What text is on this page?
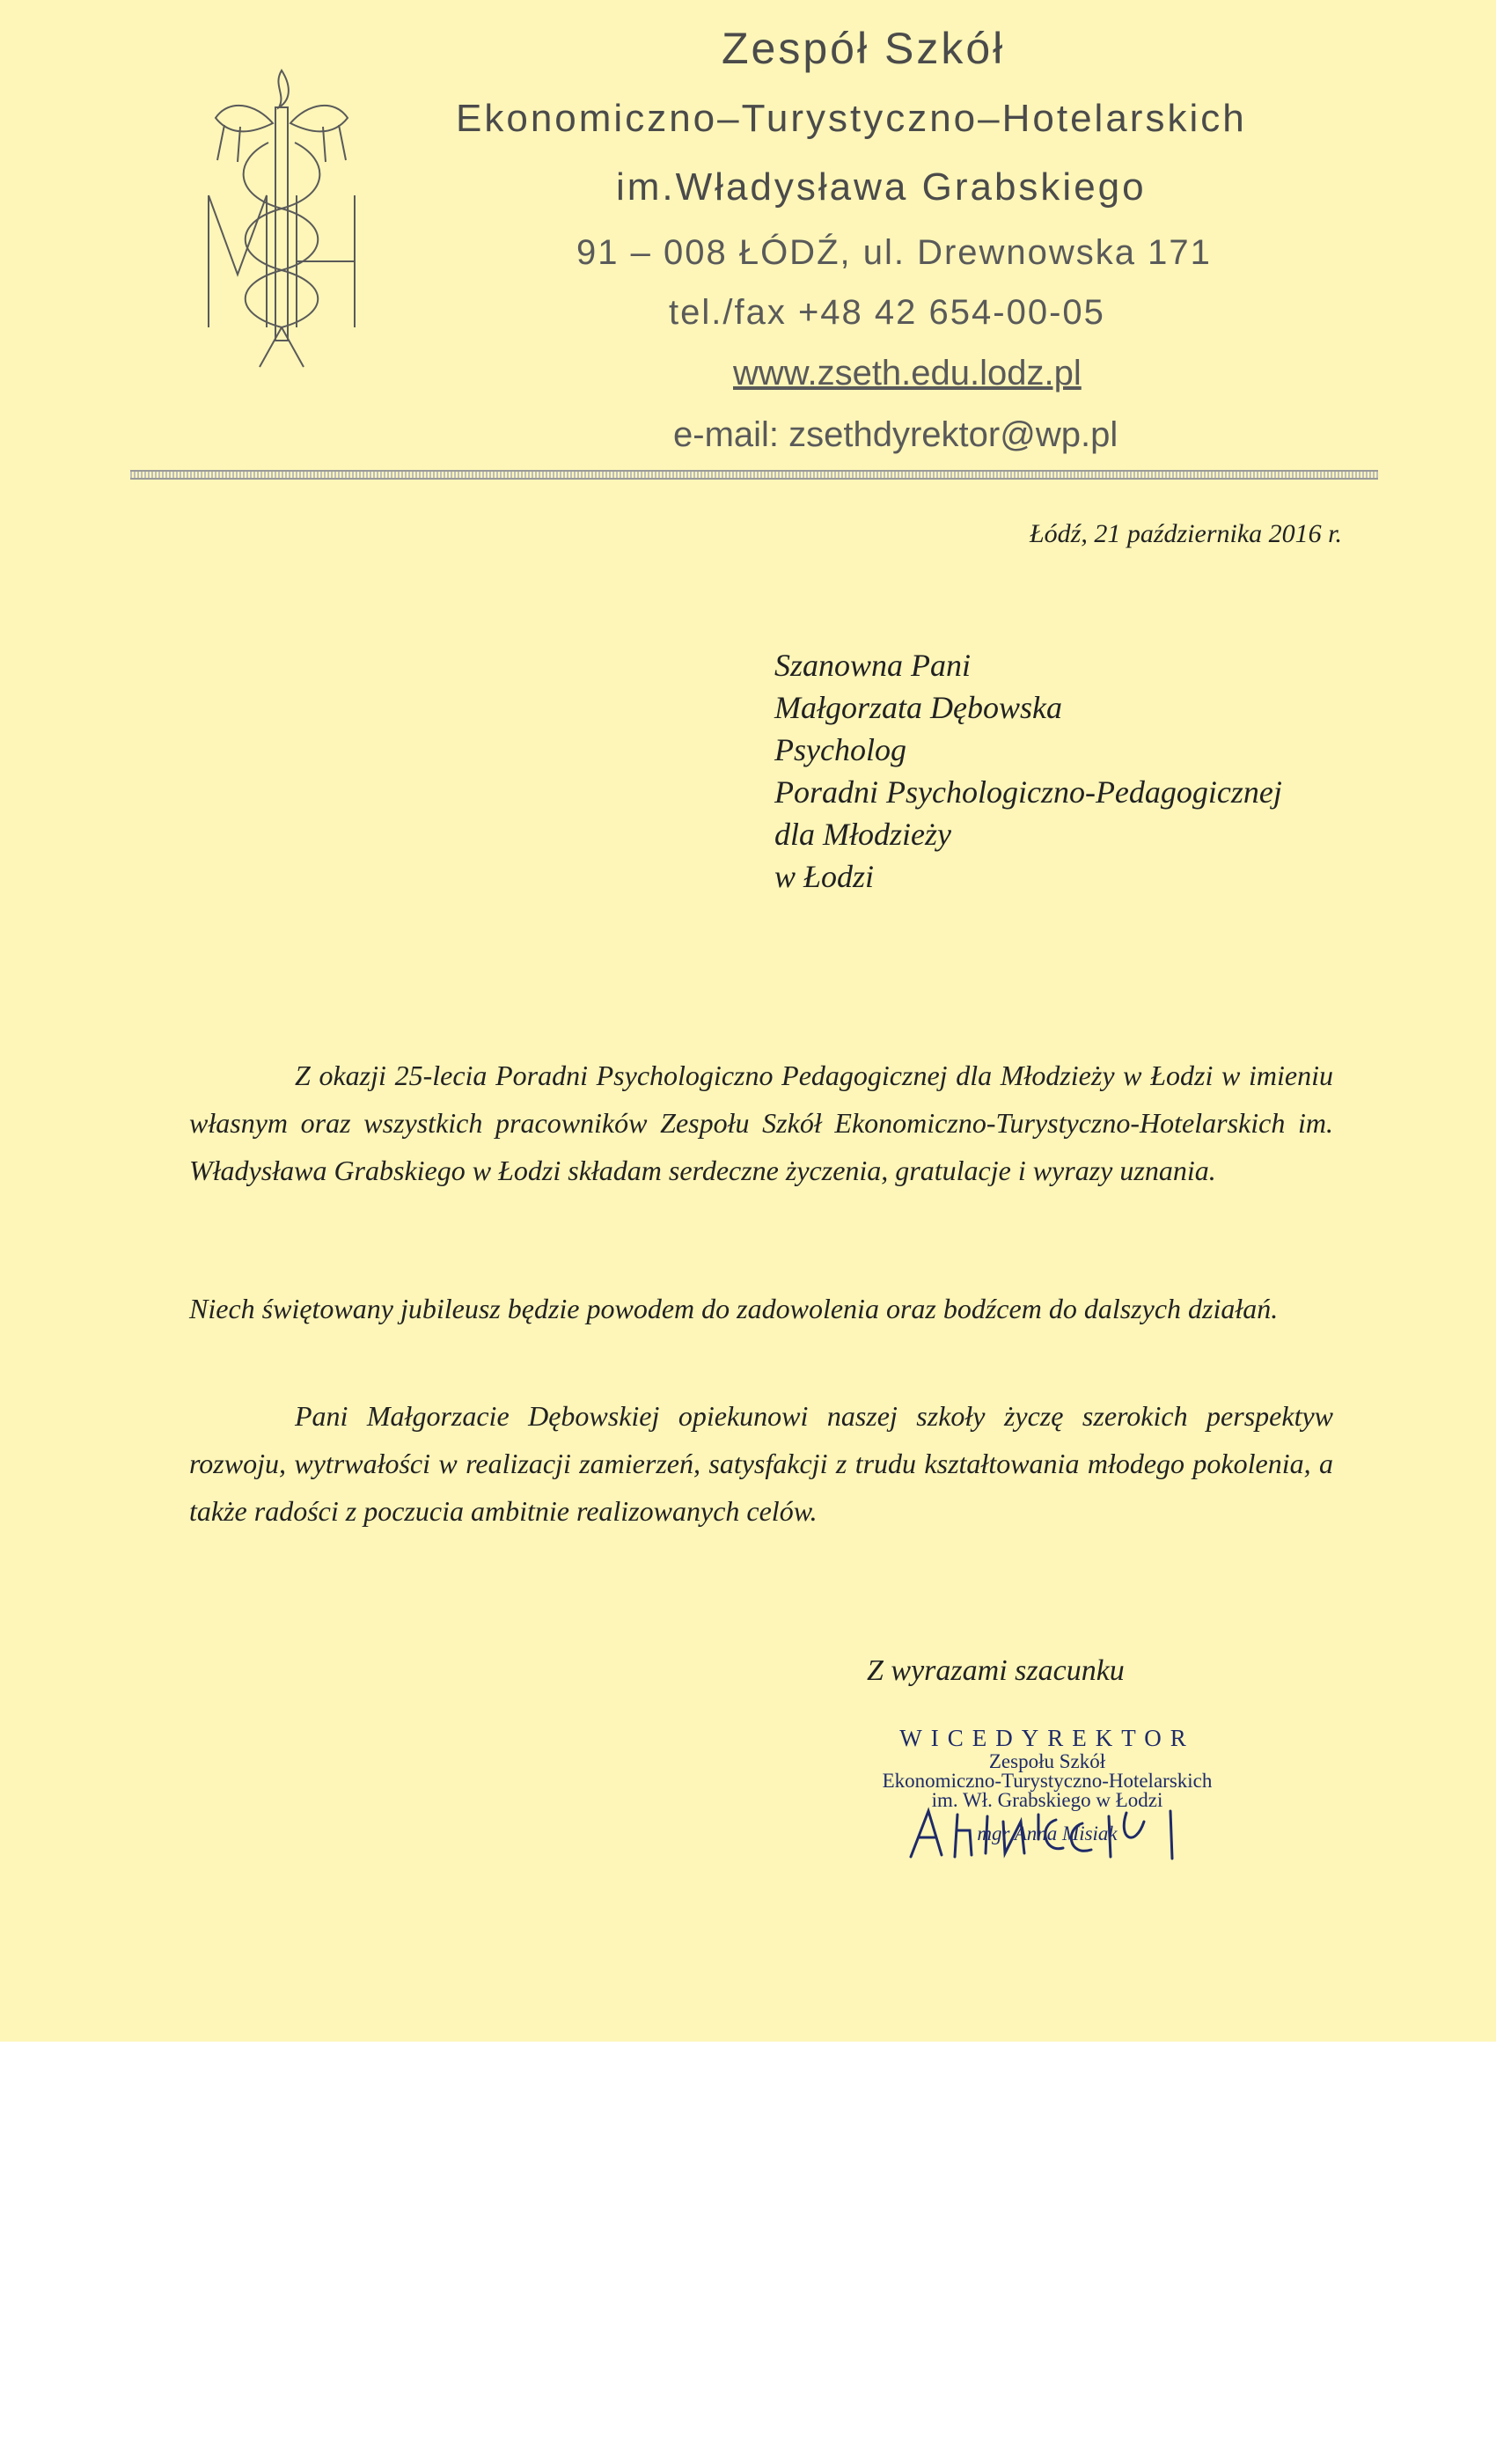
Zespół Szkół
Ekonomiczno–Turystyczno–Hotelarskich
im.Władysława Grabskiego
91 – 008 ŁÓDŹ, ul. Drewnowska 171
tel./fax +48 42 654-00-05
www.zseth.edu.lodz.pl
e-mail: zsethdyrektor@wp.pl
Łódź, 21 października 2016 r.
Szanowna Pani
Małgorzata Dębowska
Psycholog
Poradni Psychologiczno-Pedagogicznej
dla Młodzieży
w Łodzi
Z okazji 25-lecia Poradni Psychologiczno Pedagogicznej dla Młodzieży w Łodzi w imieniu własnym oraz wszystkich pracowników Zespołu Szkół Ekonomiczno-Turystyczno-Hotelarskich im. Władysława Grabskiego w Łodzi składam serdeczne życzenia, gratulacje i wyrazy uznania.
Niech świętowany jubileusz będzie powodem do zadowolenia oraz bodźcem do dalszych działań.
Pani Małgorzacie Dębowskiej opiekunowi naszej szkoły życzę szerokich perspektyw rozwoju, wytrwałości w realizacji zamierzeń, satysfakcji z trudu kształtowania młodego pokolenia, a także radości z poczucia ambitnie realizowanych celów.
Z wyrazami szacunku
WICEDYREKTOR
Zespołu Szkół
Ekonomiczno-Turystyczno-Hotelarskich
im. Wł. Grabskiego w Łodzi
mgr Anna Misiak
